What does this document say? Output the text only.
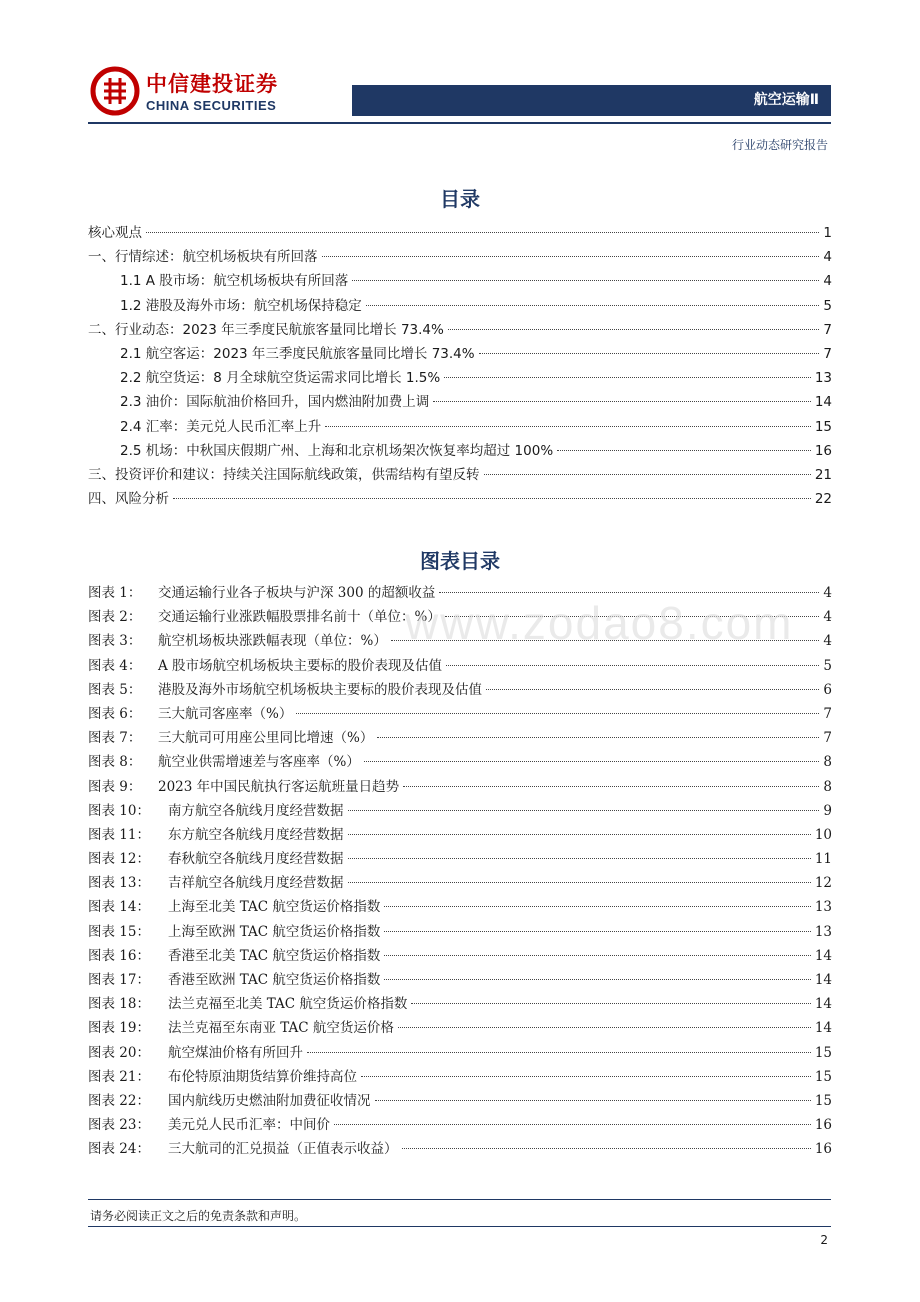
中信建投证券
CHINA SECURITIES	航空运输Ⅱ
行业动态研究报告
目录
核心观点	1
一、行情综述：航空机场板块有所回落	4
1.1 A 股市场：航空机场板块有所回落	4
1.2 港股及海外市场：航空机场保持稳定	5
二、行业动态：2023 年三季度民航旅客量同比增长 73.4%	7
2.1 航空客运：2023 年三季度民航旅客量同比增长 73.4%	7
2.2 航空货运：8 月全球航空货运需求同比增长 1.5%	13
2.3 油价：国际航油价格回升，国内燃油附加费上调	14
2.4 汇率：美元兑人民币汇率上升	15
2.5 机场：中秋国庆假期广州、上海和北京机场架次恢复率均超过 100%	16
三、投资评价和建议：持续关注国际航线政策，供需结构有望反转	21
四、风险分析	22
图表目录
图表 1：	交通运输行业各子板块与沪深 300 的超额收益	4
图表 2：	交通运输行业涨跌幅股票排名前十（单位：%）	4
图表 3：	航空机场板块涨跌幅表现（单位：%）	4
图表 4：	A 股市场航空机场板块主要标的股价表现及估值	5
图表 5：	港股及海外市场航空机场板块主要标的股价表现及估值	6
图表 6：	三大航司客座率（%）	7
图表 7：	三大航司可用座公里同比增速（%）	7
图表 8：	航空业供需增速差与客座率（%）	8
图表 9：	2023 年中国民航执行客运航班量日趋势	8
图表 10：	南方航空各航线月度经营数据	9
图表 11：	东方航空各航线月度经营数据	10
图表 12：	春秋航空各航线月度经营数据	11
图表 13：	吉祥航空各航线月度经营数据	12
图表 14：	上海至北美 TAC 航空货运价格指数	13
图表 15：	上海至欧洲 TAC 航空货运价格指数	13
图表 16：	香港至北美 TAC 航空货运价格指数	14
图表 17：	香港至欧洲 TAC 航空货运价格指数	14
图表 18：	法兰克福至北美 TAC 航空货运价格指数	14
图表 19：	法兰克福至东南亚 TAC 航空货运价格	14
图表 20：	航空煤油价格有所回升	15
图表 21：	布伦特原油期货结算价维持高位	15
图表 22：	国内航线历史燃油附加费征收情况	15
图表 23：	美元兑人民币汇率：中间价	16
图表 24：	三大航司的汇兑损益（正值表示收益）	16
www.zodao8.com
请务必阅读正文之后的免责条款和声明。
2
